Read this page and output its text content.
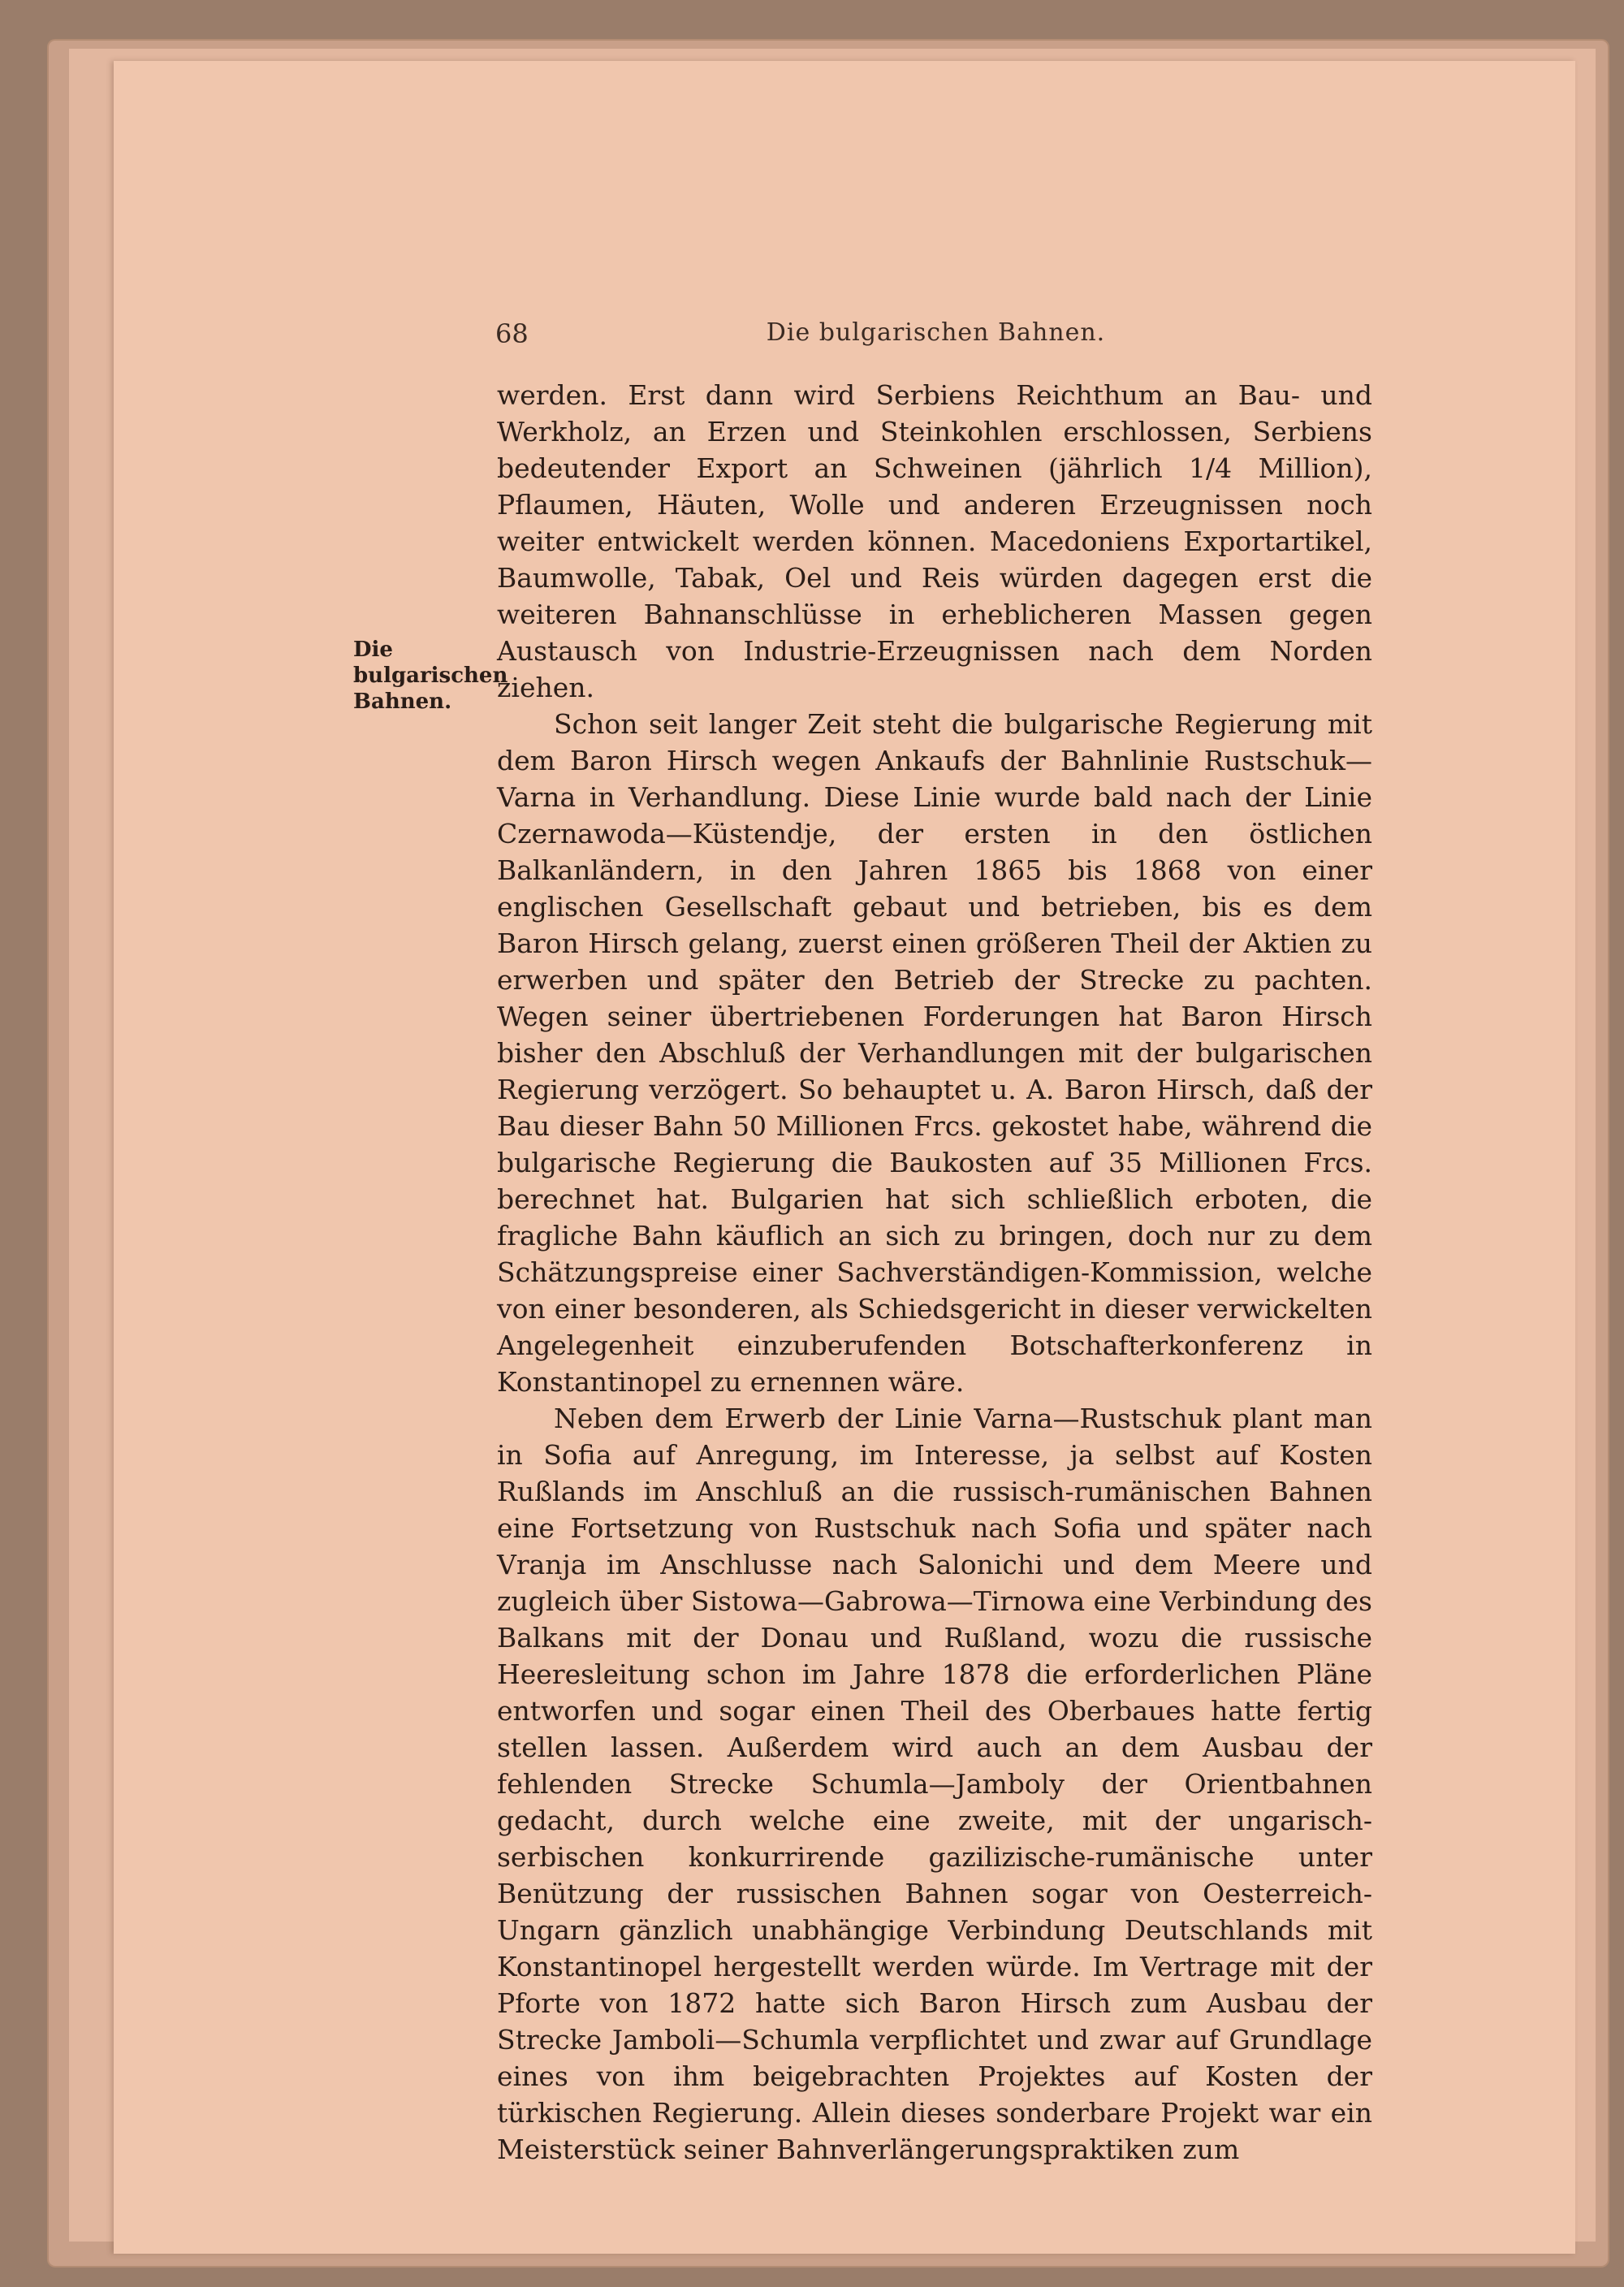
68	Die bulgarischen Bahnen.
Die bulgarischen Bahnen.

werden. Erst dann wird Serbiens Reichthum an Bau- und Werkholz, an Erzen und Steinkohlen erschlossen, Serbiens bedeutender Export an Schweinen (jährlich 1/4 Million), Pflaumen, Häuten, Wolle und anderen Erzeugnissen noch weiter entwickelt werden können. Macedoniens Exportartikel, Baumwolle, Tabak, Oel und Reis würden dagegen erst die weiteren Bahnanschlüsse in erheblicheren Massen gegen Austausch von Industrie-Erzeugnissen nach dem Norden ziehen.

Schon seit langer Zeit steht die bulgarische Regierung mit dem Baron Hirsch wegen Ankaufs der Bahnlinie Rustschuk—Varna in Verhandlung. Diese Linie wurde bald nach der Linie Czernawoda—Küstendje, der ersten in den östlichen Balkanländern, in den Jahren 1865 bis 1868 von einer englischen Gesellschaft gebaut und betrieben, bis es dem Baron Hirsch gelang, zuerst einen größeren Theil der Aktien zu erwerben und später den Betrieb der Strecke zu pachten. Wegen seiner übertriebenen Forderungen hat Baron Hirsch bisher den Abschluß der Verhandlungen mit der bulgarischen Regierung verzögert. So behauptet u. A. Baron Hirsch, daß der Bau dieser Bahn 50 Millionen Frcs. gekostet habe, während die bulgarische Regierung die Baukosten auf 35 Millionen Frcs. berechnet hat. Bulgarien hat sich schließlich erboten, die fragliche Bahn käuflich an sich zu bringen, doch nur zu dem Schätzungspreise einer Sachverständigen-Kommission, welche von einer besonderen, als Schiedsgericht in dieser verwickelten Angelegenheit einzuberufenden Botschafterkonferenz in Konstantinopel zu ernennen wäre.

Neben dem Erwerb der Linie Varna—Rustschuk plant man in Sofia auf Anregung, im Interesse, ja selbst auf Kosten Rußlands im Anschluß an die russisch-rumänischen Bahnen eine Fortsetzung von Rustschuk nach Sofia und später nach Vranja im Anschlusse nach Salonichi und dem Meere und zugleich über Sistowa—Gabrowa—Tirnowa eine Verbindung des Balkans mit der Donau und Rußland, wozu die russische Heeresleitung schon im Jahre 1878 die erforderlichen Pläne entworfen und sogar einen Theil des Oberbaues hatte fertig stellen lassen. Außerdem wird auch an dem Ausbau der fehlenden Strecke Schumla—Jamboly der Orientbahnen gedacht, durch welche eine zweite, mit der ungarisch-serbischen konkurrirende gazilizische-rumänische unter Benützung der russischen Bahnen sogar von Oesterreich-Ungarn gänzlich unabhängige Verbindung Deutschlands mit Konstantinopel hergestellt werden würde. Im Vertrage mit der Pforte von 1872 hatte sich Baron Hirsch zum Ausbau der Strecke Jamboli—Schumla verpflichtet und zwar auf Grundlage eines von ihm beigebrachten Projektes auf Kosten der türkischen Regierung. Allein dieses sonderbare Projekt war ein Meisterstück seiner Bahnverlängerungspraktiken zum
